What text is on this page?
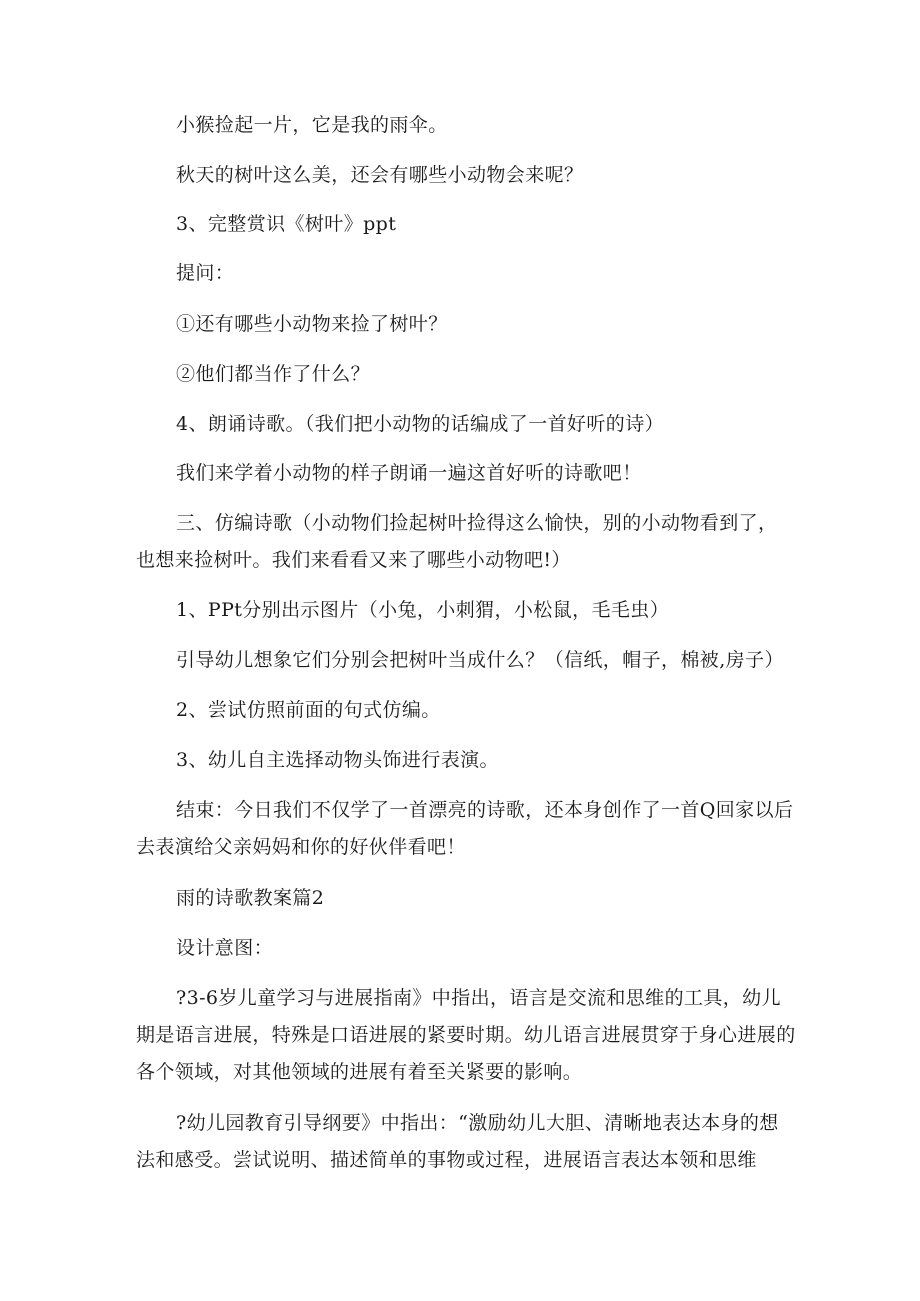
小猴捡起一片，它是我的雨伞。

秋天的树叶这么美，还会有哪些小动物会来呢？

3、完整赏识《树叶》ppt

提问：

①还有哪些小动物来捡了树叶？

②他们都当作了什么？

4、朗诵诗歌。（我们把小动物的话编成了一首好听的诗）

我们来学着小动物的样子朗诵一遍这首好听的诗歌吧！

三、仿编诗歌（小动物们捡起树叶捡得这么愉快，别的小动物看到了，也想来捡树叶。我们来看看又来了哪些小动物吧!）

1、PPt分别出示图片（小兔，小刺猬，小松鼠，毛毛虫）

引导幼儿想象它们分别会把树叶当成什么？（信纸，帽子，棉被,房子）

2、尝试仿照前面的句式仿编。

3、幼儿自主选择动物头饰进行表演。

结束：今日我们不仅学了一首漂亮的诗歌，还本身创作了一首Q回家以后去表演给父亲妈妈和你的好伙伴看吧！

雨的诗歌教案篇2

设计意图：

?3-6岁儿童学习与进展指南》中指出，语言是交流和思维的工具，幼儿期是语言进展，特殊是口语进展的紧要时期。幼儿语言进展贯穿于身心进展的各个领域，对其他领域的进展有着至关紧要的影响。

?幼儿园教育引导纲要》中指出：“激励幼儿大胆、清晰地表达本身的想法和感受。尝试说明、描述简单的事物或过程，进展语言表达本领和思维
